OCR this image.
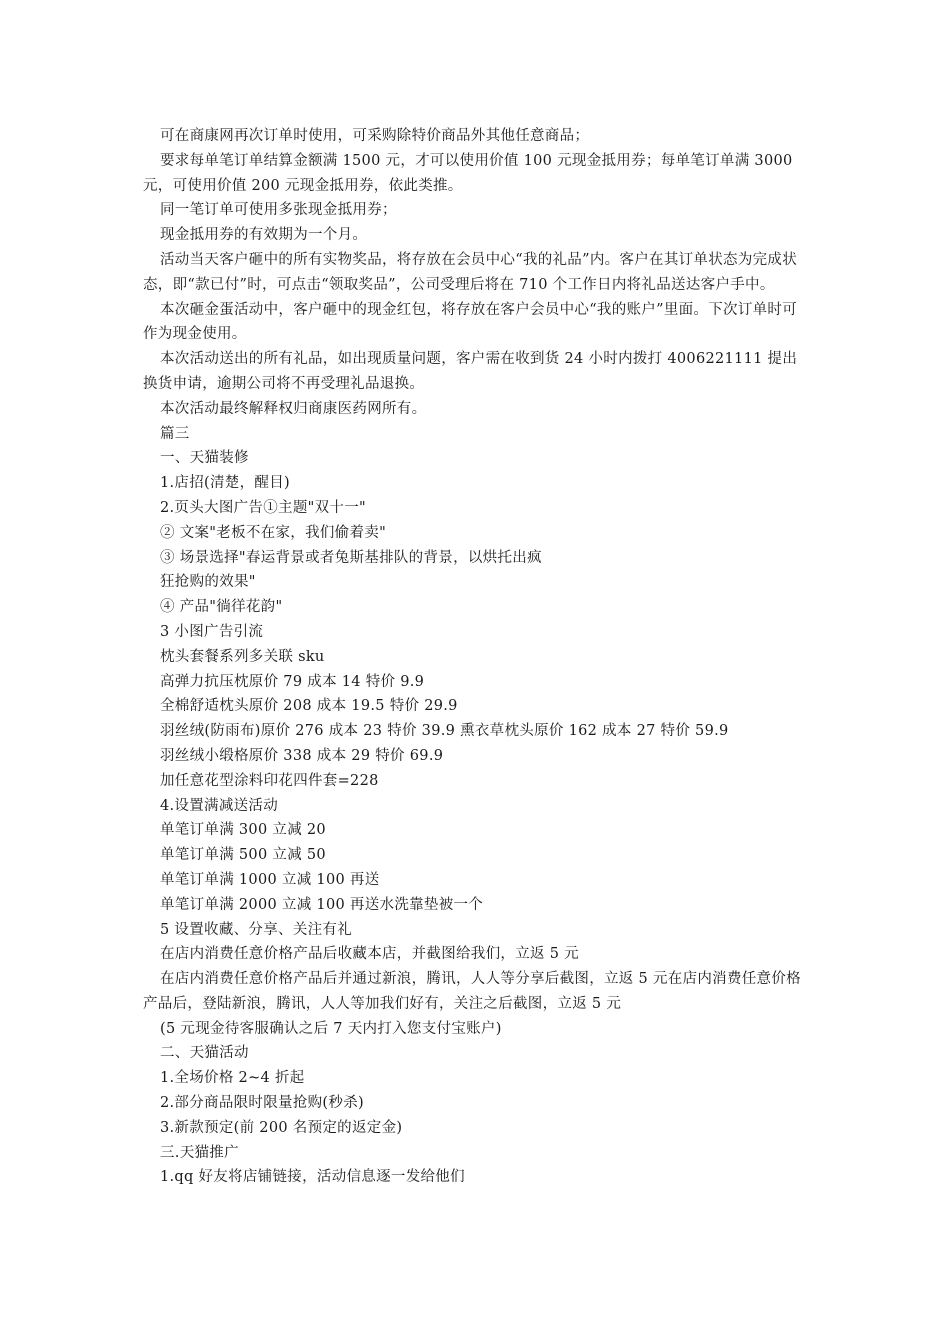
可在商康网再次订单时使用，可采购除特价商品外其他任意商品；

要求每单笔订单结算金额满 1500 元，才可以使用价值 100 元现金抵用券；每单笔订单满 3000 元，可使用价值 200 元现金抵用券，依此类推。

同一笔订单可使用多张现金抵用券；

现金抵用券的有效期为一个月。

活动当天客户砸中的所有实物奖品，将存放在会员中心“我的礼品”内。客户在其订单状态为完成状态，即“款已付”时，可点击“领取奖品”，公司受理后将在 710 个工作日内将礼品送达客户手中。

本次砸金蛋活动中，客户砸中的现金红包，将存放在客户会员中心“我的账户”里面。下次订单时可作为现金使用。

本次活动送出的所有礼品，如出现质量问题，客户需在收到货 24 小时内拨打 4006221111 提出换货申请，逾期公司将不再受理礼品退换。

本次活动最终解释权归商康医药网所有。

篇三

一、天猫装修

1.店招(清楚，醒目)

2.页头大图广告①主题"双十一"

② 文案"老板不在家，我们偷着卖"

③ 场景选择"春运背景或者兔斯基排队的背景，以烘托出疯

狂抢购的效果"

④ 产品"徜徉花韵"

3 小图广告引流

枕头套餐系列多关联 sku

高弹力抗压枕原价 79 成本 14 特价 9.9

全棉舒适枕头原价 208 成本 19.5 特价 29.9

羽丝绒(防雨布)原价 276 成本 23 特价 39.9 熏衣草枕头原价 162 成本 27 特价 59.9

羽丝绒小缎格原价 338 成本 29 特价 69.9

加任意花型涂料印花四件套=228

4.设置满减送活动

单笔订单满 300 立减 20

单笔订单满 500 立减 50

单笔订单满 1000 立减 100 再送

单笔订单满 2000 立减 100 再送水洗靠垫被一个

5 设置收藏、分享、关注有礼

在店内消费任意价格产品后收藏本店，并截图给我们，立返 5 元

在店内消费任意价格产品后并通过新浪，腾讯，人人等分享后截图，立返 5 元在店内消费任意价格产品后，登陆新浪，腾讯，人人等加我们好有，关注之后截图，立返 5 元

(5 元现金待客服确认之后 7 天内打入您支付宝账户)

二、天猫活动

1.全场价格 2~4 折起

2.部分商品限时限量抢购(秒杀)

3.新款预定(前 200 名预定的返定金)

三.天猫推广

1.qq 好友将店铺链接，活动信息逐一发给他们
